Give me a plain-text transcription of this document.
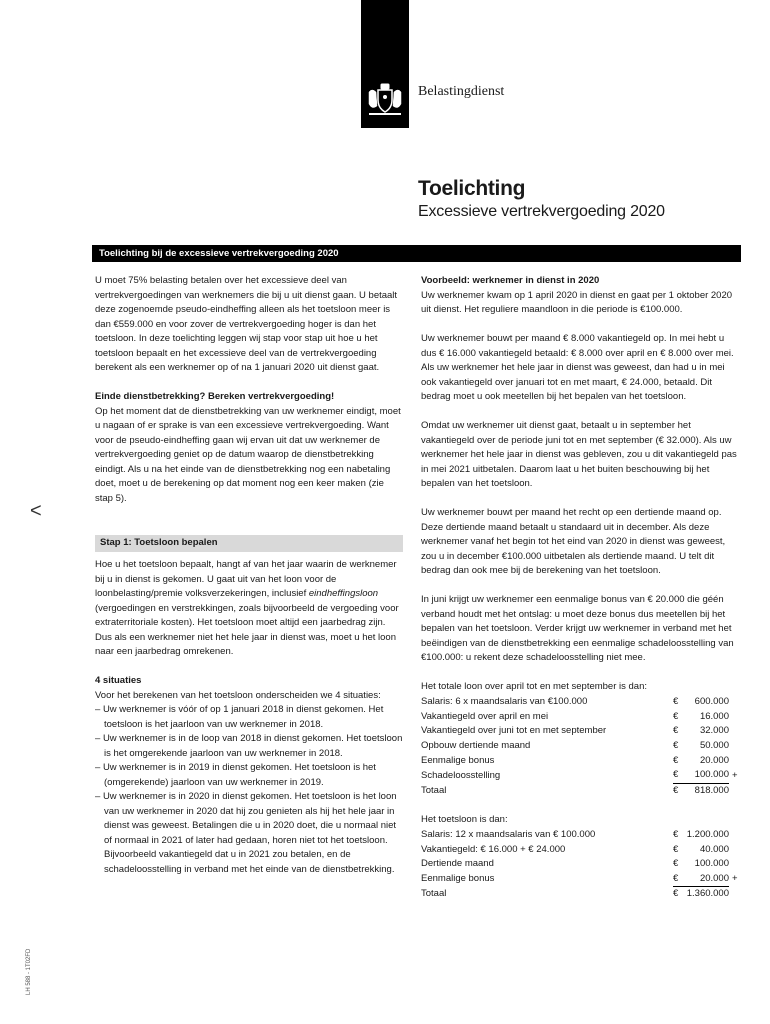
Belastingdienst
Toelichting
Excessieve vertrekvergoeding 2020
Toelichting bij de excessieve vertrekvergoeding 2020

U moet 75% belasting betalen over het excessieve deel van vertrekvergoedingen van werknemers die bij u uit dienst gaan. U betaalt deze zogenoemde pseudo-eindheffing alleen als het toetsloon meer is dan €559.000 en voor zover de vertrekvergoeding hoger is dan het toetsloon. In deze toelichting leggen wij stap voor stap uit hoe u het toetsloon bepaalt en het excessieve deel van de vertrekvergoeding berekent als een werknemer op of na 1 januari 2020 uit dienst gaat.

Einde dienstbetrekking? Bereken vertrekvergoeding!

Op het moment dat de dienstbetrekking van uw werknemer eindigt, moet u nagaan of er sprake is van een excessieve vertrekvergoeding. Want voor de pseudo-eindheffing gaan wij ervan uit dat uw werknemer de vertrekvergoeding geniet op de datum waarop de dienstbetrekking eindigt. Als u na het einde van de dienstbetrekking nog een nabetaling doet, moet u de berekening op dat moment nog een keer maken (zie stap 5).

Stap 1: Toetsloon bepalen

Hoe u het toetsloon bepaalt, hangt af van het jaar waarin de werknemer bij u in dienst is gekomen. U gaat uit van het loon voor de loonbelasting/premie volksverzekeringen, inclusief eindheffingsloon (vergoedingen en verstrekkingen, zoals bijvoorbeeld de vergoeding voor extraterritoriale kosten). Het toetsloon moet altijd een jaarbedrag zijn. Dus als een werknemer niet het hele jaar in dienst was, moet u het loon naar een jaarbedrag omrekenen.

4 situaties

Voor het berekenen van het toetsloon onderscheiden we 4 situaties:

– Uw werknemer is vóór of op 1 januari 2018 in dienst gekomen. Het toetsloon is het jaarloon van uw werknemer in 2018.
– Uw werknemer is in de loop van 2018 in dienst gekomen. Het toetsloon is het omgerekende jaarloon van uw werknemer in 2018.
– Uw werknemer is in 2019 in dienst gekomen. Het toetsloon is het (omgerekende) jaarloon van uw werknemer in 2019.
– Uw werknemer is in 2020 in dienst gekomen. Het toetsloon is het loon van uw werknemer in 2020 dat hij zou genieten als hij het hele jaar in dienst was geweest. Betalingen die u in 2020 doet, die u normaal niet of normaal in 2021 of later had gedaan, horen niet tot het toetsloon. Bijvoorbeeld vakantiegeld dat u in 2021 zou betalen, en de schadeloosstelling in verband met het einde van de dienstbetrekking.

Voorbeeld: werknemer in dienst in 2020

Uw werknemer kwam op 1 april 2020 in dienst en gaat per 1 oktober 2020 uit dienst. Het reguliere maandloon in die periode is €100.000.

Uw werknemer bouwt per maand € 8.000 vakantiegeld op. In mei hebt u dus € 16.000 vakantiegeld betaald: € 8.000 over april en € 8.000 over mei. Als uw werknemer het hele jaar in dienst was geweest, dan had u in mei ook vakantiegeld over januari tot en met maart, € 24.000, betaald. Dit bedrag moet u ook meetellen bij het bepalen van het toetsloon.

Omdat uw werknemer uit dienst gaat, betaalt u in september het vakantiegeld over de periode juni tot en met september (€ 32.000). Als uw werknemer het hele jaar in dienst was gebleven, zou u dit vakantiegeld pas in mei 2021 uitbetalen. Daarom laat u het buiten beschouwing bij het bepalen van het toetsloon.

Uw werknemer bouwt per maand het recht op een dertiende maand op. Deze dertiende maand betaalt u standaard uit in december. Als deze werknemer vanaf het begin tot het eind van 2020 in dienst was geweest, zou u in december €100.000 uitbetalen als dertiende maand. U telt dit bedrag dan ook mee bij de berekening van het toetsloon.

In juni krijgt uw werknemer een eenmalige bonus van € 20.000 die géén verband houdt met het ontslag: u moet deze bonus dus meetellen bij het bepalen van het toetsloon. Verder krijgt uw werknemer in verband met het beëindigen van de dienstbetrekking een eenmalige schadeloosstelling van €100.000: u rekent deze schadeloosstelling niet mee.

Het totale loon over april tot en met september is dan:

Salaris: 6 x maandsalaris van €100.000	€	600.000	
Vakantiegeld over april en mei	€	16.000	
Vakantiegeld over juni tot en met september	€	32.000	
Opbouw dertiende maand	€	50.000	
Eenmalige bonus	€	20.000	
Schadeloosstelling	€	100.000	+
Totaal	€	818.000	

Het toetsloon is dan:

Salaris: 12 x maandsalaris van € 100.000	€	1.200.000	
Vakantiegeld: € 16.000 + € 24.000	€	40.000	
Dertiende maand	€	100.000	
Eenmalige bonus	€	20.000	+
Totaal	€	1.360.000	
<
LH 588 - 1T02FD
